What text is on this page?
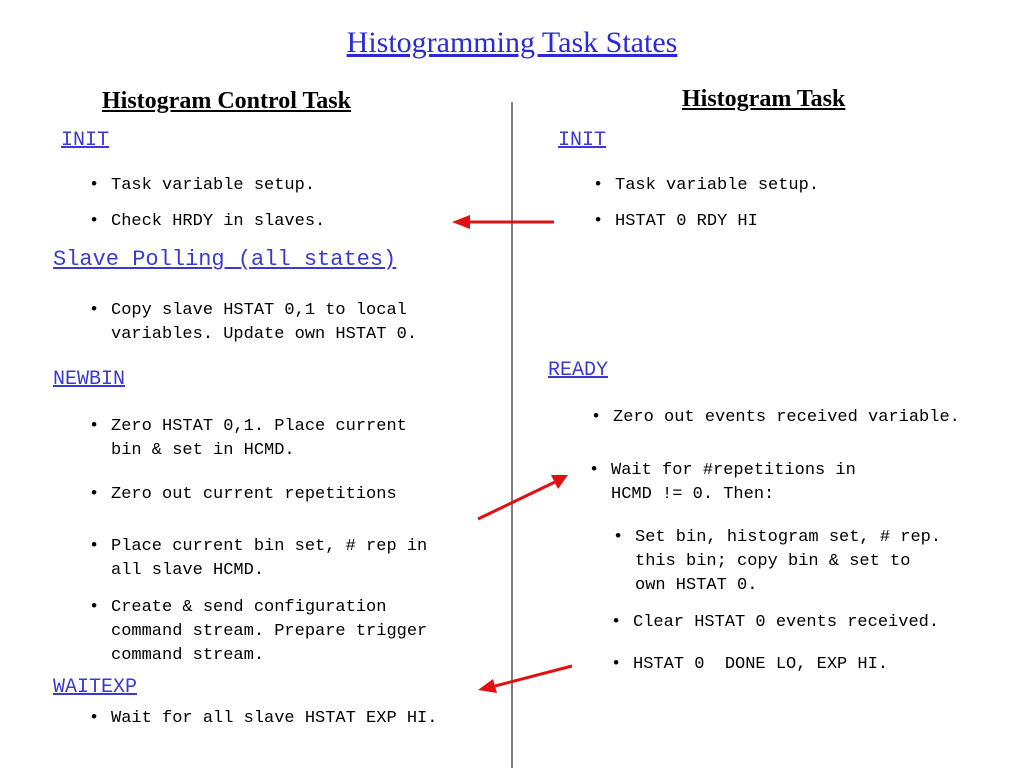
Histogramming Task States
Histogram Control Task	Histogram Task
INIT
• Task variable setup.
• Check HRDY in slaves.
Slave Polling (all states)
• Copy slave HSTAT 0,1 to local
variables. Update own HSTAT 0.
NEWBIN
• Zero HSTAT 0,1. Place current
bin & set in HCMD.
• Zero out current repetitions
• Place current bin set, # rep in
all slave HCMD.
• Create & send configuration
command stream. Prepare trigger
command stream.
WAITEXP
• Wait for all slave HSTAT EXP HI.
INIT
• Task variable setup.
• HSTAT 0 RDY HI
READY
• Zero out events received variable.
• Wait for #repetitions in
HCMD != 0. Then:
• Set bin, histogram set, # rep.
this bin; copy bin & set to
own HSTAT 0.
• Clear HSTAT 0 events received.
• HSTAT 0  DONE LO, EXP HI.
